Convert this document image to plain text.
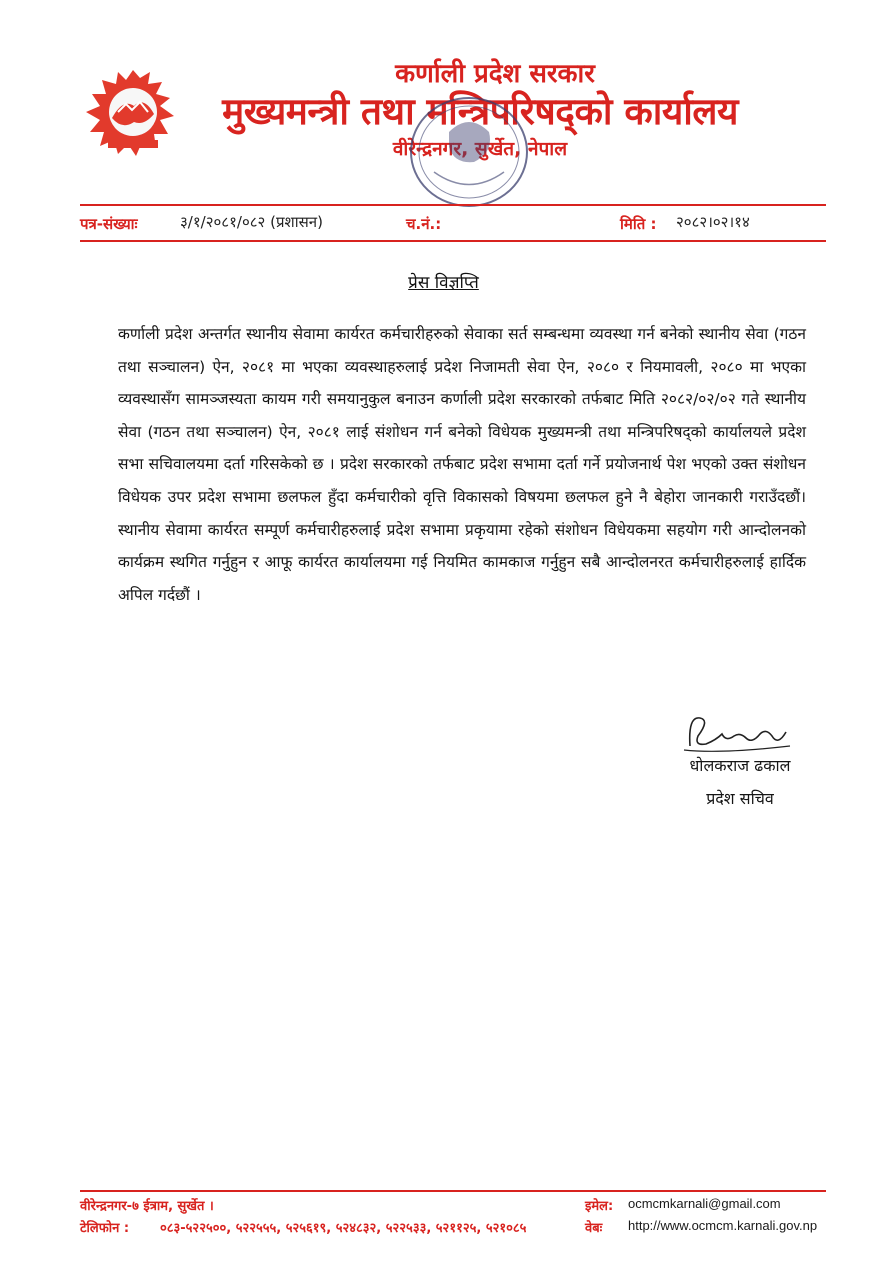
कर्णाली प्रदेश सरकार
मुख्यमन्त्री तथा मन्त्रिपरिषद्को कार्यालय
वीरेन्द्रनगर, सुर्खेत, नेपाल
पत्र-संख्याः	३/१/२०८१/०८२ (प्रशासन)	च.नं.:	मिति : २०८२।०२।१४
प्रेस विज्ञप्ति

कर्णाली प्रदेश अन्तर्गत स्थानीय सेवामा कार्यरत कर्मचारीहरुको सेवाका सर्त सम्बन्धमा व्यवस्था गर्न बनेको स्थानीय सेवा (गठन तथा सञ्चालन) ऐन, २०८१ मा भएका व्यवस्थाहरुलाई प्रदेश निजामती सेवा ऐन, २०८० र नियमावली, २०८० मा भएका व्यवस्थासँग सामञ्जस्यता कायम गरी समयानुकुल बनाउन कर्णाली प्रदेश सरकारको तर्फबाट मिति २०८२/०२/०२ गते स्थानीय सेवा (गठन तथा सञ्चालन) ऐन, २०८१ लाई संशोधन गर्न बनेको विधेयक मुख्यमन्त्री तथा मन्त्रिपरिषद्को कार्यालयले प्रदेश सभा सचिवालयमा दर्ता गरिसकेको छ । प्रदेश सरकारको तर्फबाट प्रदेश सभामा दर्ता गर्ने प्रयोजनार्थ पेश भएको उक्त संशोधन विधेयक उपर प्रदेश सभामा छलफल हुँदा कर्मचारीको वृत्ति विकासको विषयमा छलफल हुने नै बेहोरा जानकारी गराउँदछौं। स्थानीय सेवामा कार्यरत सम्पूर्ण कर्मचारीहरुलाई प्रदेश सभामा प्रकृयामा रहेको संशोधन विधेयकमा सहयोग गरी आन्दोलनको कार्यक्रम स्थगित गर्नुहुन र आफू कार्यरत कार्यालयमा गई नियमित कामकाज गर्नुहुन सबै आन्दोलनरत कर्मचारीहरुलाई हार्दिक अपिल गर्दछौं ।

धोलकराज ढकाल
प्रदेश सचिव
वीरेन्द्रनगर-७ ईत्राम, सुर्खेत ।
टेलिफोन : ०८३-५२२५००, ५२२५५५, ५२५६१९, ५२४८३२, ५२२५३३, ५२११२५, ५२१०८५
इमेल: ocmcmkarnali@gmail.com
वेबः http://www.ocmcm.karnali.gov.np
